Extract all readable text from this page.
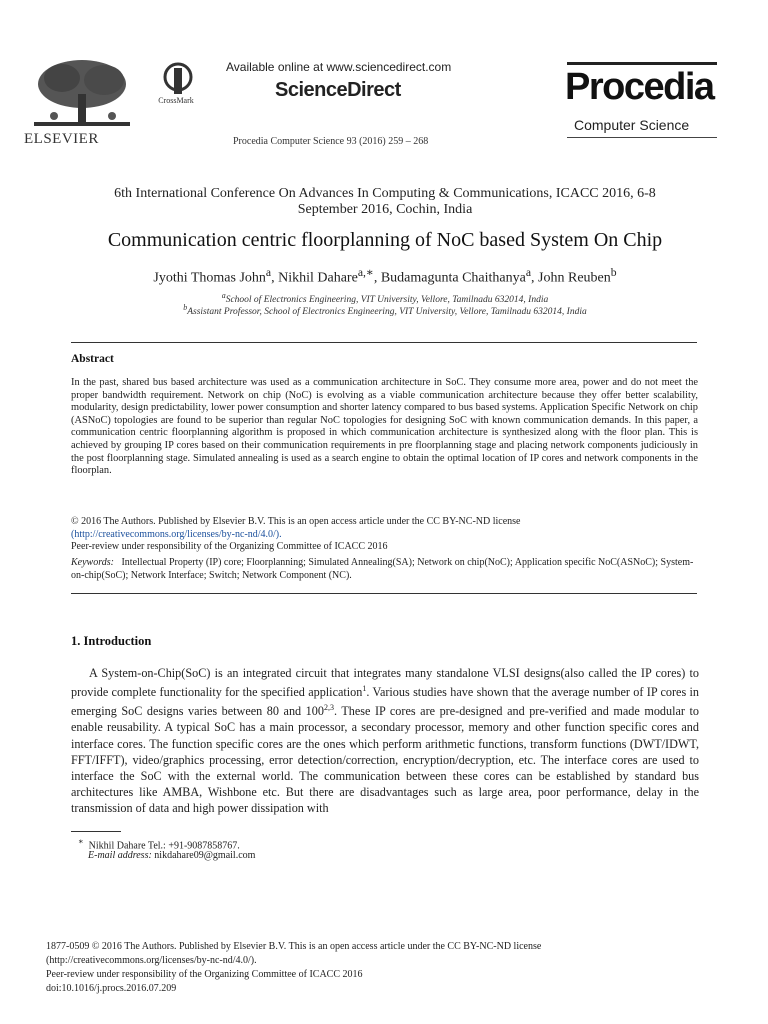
ELSEVIER
CrossMark
Available online at www.sciencedirect.com
ScienceDirect
Procedia Computer Science 93 (2016) 259 – 268
Procedia
Computer Science
6th International Conference On Advances In Computing & Communications, ICACC 2016, 6-8
September 2016, Cochin, India
Communication centric floorplanning of NoC based System On Chip
Jyothi Thomas John$^a$, Nikhil Dahare$^{a,∗}$, Budamagunta Chaithanya$^a$, John Reuben$^b$
$^a$School of Electronics Engineering, VIT University, Vellore, Tamilnadu 632014, India
$^b$Assistant Professor, School of Electronics Engineering, VIT University, Vellore, Tamilnadu 632014, India
Abstract
In the past, shared bus based architecture was used as a communication architecture in SoC. They consume more area, power and do not meet the proper bandwidth requirement. Network on chip (NoC) is evolving as a viable communication architecture because they offer better scalability, modularity, design predictability, lower power consumption and shorter latency compared to bus based systems. Application Specific Network on chip (ASNoC) topologies are found to be superior than regular NoC topologies for designing SoC with known communication demands. In this paper, a communication centric floorplanning algorithm is proposed in which communication architecture is synthesized along with the floor plan. This is achieved by grouping IP cores based on their communication requirements in pre floorplanning stage and placing network components judiciously in the post floorplanning stage. Simulated annealing is used as a search engine to obtain the optimal location of IP cores and network components in the floorplan.
© 2016 The Authors. Published by Elsevier B.V. This is an open access article under the CC BY-NC-ND license
(http://creativecommons.org/licenses/by-nc-nd/4.0/).
Peer-review under responsibility of the Organizing Committee of ICACC 2016
Keywords: Intellectual Property (IP) core; Floorplanning; Simulated Annealing(SA); Network on chip(NoC); Application specific NoC(ASNoC); System-on-chip(SoC); Network Interface; Switch; Network Component (NC).
1. Introduction
A System-on-Chip(SoC) is an integrated circuit that integrates many standalone VLSI designs(also called the IP cores) to provide complete functionality for the specified application$^1$. Various studies have shown that the average number of IP cores in emerging SoC designs varies between 80 and 100$^{2,3}$. These IP cores are pre-designed and pre-verified and made modular to enable reusability. A typical SoC has a main processor, a secondary processor, memory and other function specific cores and interface cores. The function specific cores are the ones which perform arithmetic functions, transform functions (DWT/IDWT, FFT/IFFT), video/graphics processing, error detection/correction, encryption/decryption, etc. The interface cores are used to interface the SoC with the external world. The communication between these cores can be established by standard bus architectures like AMBA, Wishbone etc. But there are disadvantages such as large area, poor performance, delay in the transmission of data and high power dissipation with
∗ Nikhil Dahare Tel.: +91-9087858767.
E-mail address: nikdahare09@gmail.com
1877-0509 © 2016 The Authors. Published by Elsevier B.V. This is an open access article under the CC BY-NC-ND license
(http://creativecommons.org/licenses/by-nc-nd/4.0/).
Peer-review under responsibility of the Organizing Committee of ICACC 2016
doi:10.1016/j.procs.2016.07.209
